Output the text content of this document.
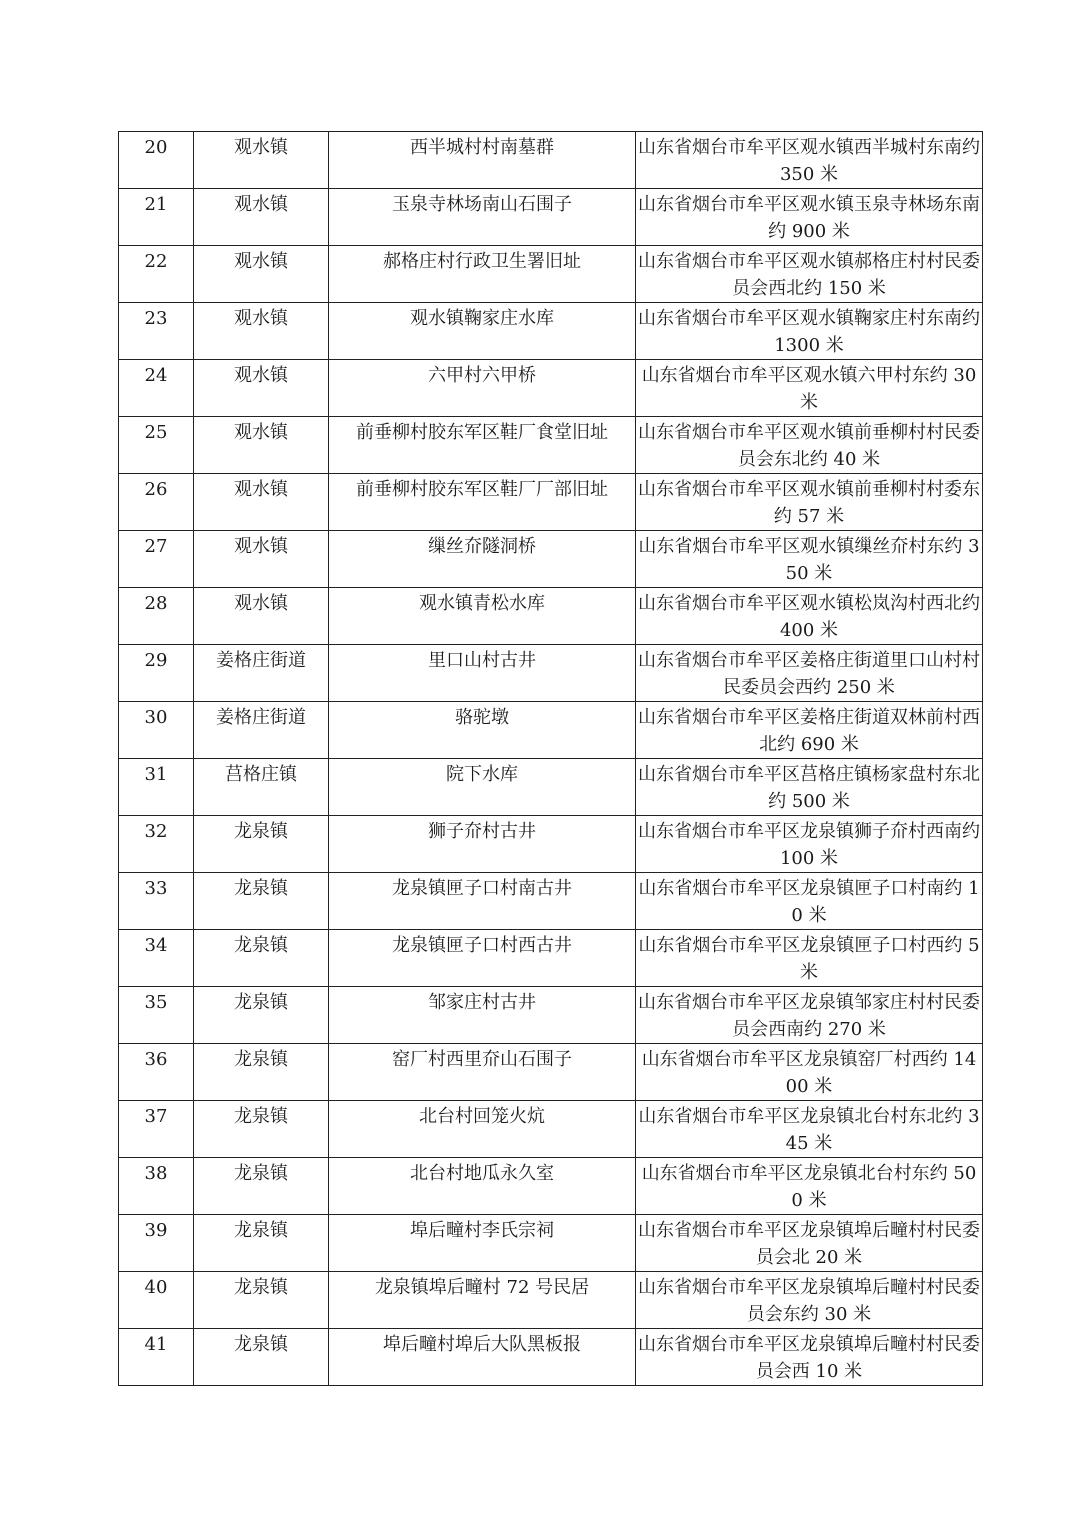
20	观水镇	西半城村村南墓群	山东省烟台市牟平区观水镇西半城村东南约 350 米

21	观水镇	玉泉寺林场南山石围子	山东省烟台市牟平区观水镇玉泉寺林场东南约 900 米

22	观水镇	郝格庄村行政卫生署旧址	山东省烟台市牟平区观水镇郝格庄村村民委员会西北约 150 米

23	观水镇	观水镇鞠家庄水库	山东省烟台市牟平区观水镇鞠家庄村东南约 1300 米

24	观水镇	六甲村六甲桥	山东省烟台市牟平区观水镇六甲村东约 30 米

25	观水镇	前垂柳村胶东军区鞋厂食堂旧址	山东省烟台市牟平区观水镇前垂柳村村民委员会东北约 40 米

26	观水镇	前垂柳村胶东军区鞋厂厂部旧址	山东省烟台市牟平区观水镇前垂柳村村委东约 57 米

27	观水镇	缫丝夼隧洞桥	山东省烟台市牟平区观水镇缫丝夼村东约 350 米

28	观水镇	观水镇青松水库	山东省烟台市牟平区观水镇松岚沟村西北约 400 米

29	姜格庄街道	里口山村古井	山东省烟台市牟平区姜格庄街道里口山村村民委员会西约 250 米

30	姜格庄街道	骆驼墩	山东省烟台市牟平区姜格庄街道双林前村西北约 690 米

31	莒格庄镇	院下水库	山东省烟台市牟平区莒格庄镇杨家盘村东北约 500 米

32	龙泉镇	狮子夼村古井	山东省烟台市牟平区龙泉镇狮子夼村西南约 100 米

33	龙泉镇	龙泉镇匣子口村南古井	山东省烟台市牟平区龙泉镇匣子口村南约 10 米

34	龙泉镇	龙泉镇匣子口村西古井	山东省烟台市牟平区龙泉镇匣子口村西约 5 米

35	龙泉镇	邹家庄村古井	山东省烟台市牟平区龙泉镇邹家庄村村民委员会西南约 270 米

36	龙泉镇	窑厂村西里夼山石围子	山东省烟台市牟平区龙泉镇窑厂村西约 1400 米

37	龙泉镇	北台村回笼火炕	山东省烟台市牟平区龙泉镇北台村东北约 345 米

38	龙泉镇	北台村地瓜永久室	山东省烟台市牟平区龙泉镇北台村东约 500 米

39	龙泉镇	埠后疃村李氏宗祠	山东省烟台市牟平区龙泉镇埠后疃村村民委员会北 20 米

40	龙泉镇	龙泉镇埠后疃村 72 号民居	山东省烟台市牟平区龙泉镇埠后疃村村民委员会东约 30 米

41	龙泉镇	埠后疃村埠后大队黑板报	山东省烟台市牟平区龙泉镇埠后疃村村民委员会西 10 米
